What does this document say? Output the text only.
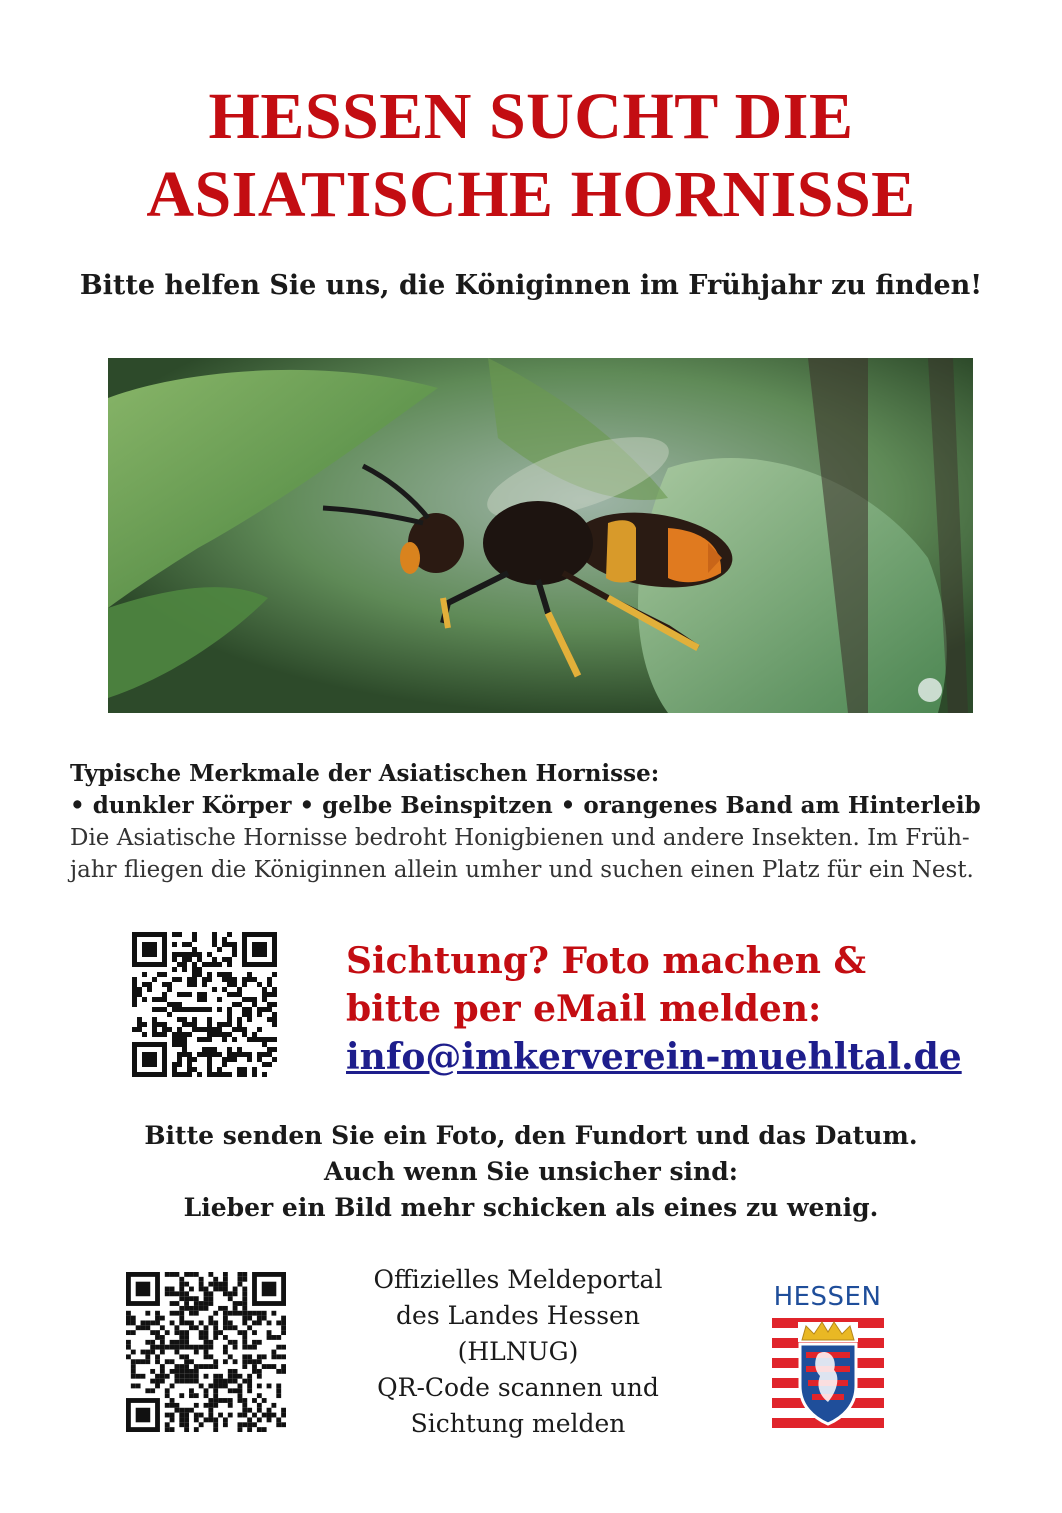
HESSEN SUCHT DIE
ASIATISCHE HORNISSE
Bitte helfen Sie uns, die Königinnen im Frühjahr zu finden!
Typische Merkmale der Asiatischen Hornisse:
• dunkler Körper • gelbe Beinspitzen • orangenes Band am Hinterleib
Die Asiatische Hornisse bedroht Honigbienen und andere Insekten. Im Früh-
jahr fliegen die Königinnen allein umher und suchen einen Platz für ein Nest.
Sichtung? Foto machen &
bitte per eMail melden:
info@imkerverein-muehltal.de
Bitte senden Sie ein Foto, den Fundort und das Datum.
Auch wenn Sie unsicher sind:
Lieber ein Bild mehr schicken als eines zu wenig.
Offizielles Meldeportal
des Landes Hessen
(HLNUG)
QR-Code scannen und
Sichtung melden
HESSEN
